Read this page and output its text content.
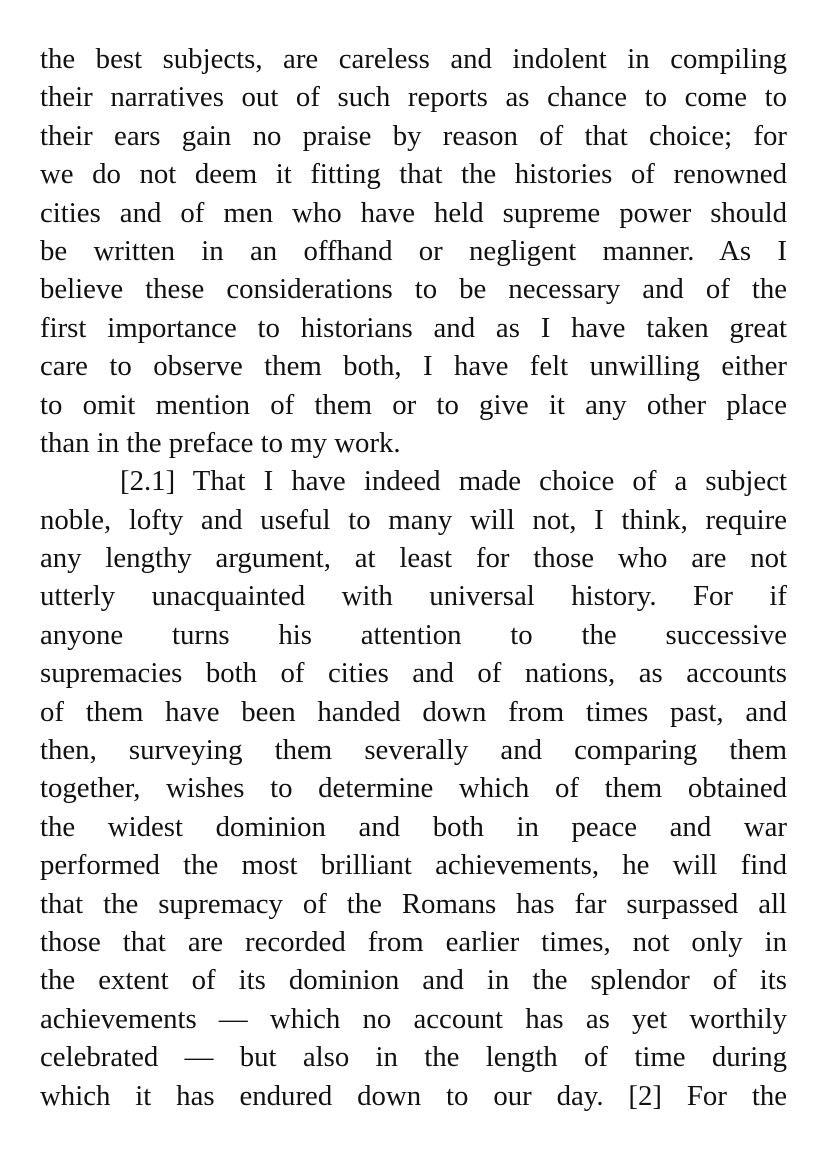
the best subjects, are careless and indolent in compiling
their narratives out of such reports as chance to come to
their ears gain no praise by reason of that choice; for
we do not deem it fitting that the histories of renowned
cities and of men who have held supreme power should
be written in an offhand or negligent manner. As I
believe these considerations to be necessary and of the
first importance to historians and as I have taken great
care to observe them both, I have felt unwilling either
to omit mention of them or to give it any other place
than in the preface to my work.
[2.1] That I have indeed made choice of a subject
noble, lofty and useful to many will not, I think, require
any lengthy argument, at least for those who are not
utterly unacquainted with universal history. For if
anyone turns his attention to the successive
supremacies both of cities and of nations, as accounts
of them have been handed down from times past, and
then, surveying them severally and comparing them
together, wishes to determine which of them obtained
the widest dominion and both in peace and war
performed the most brilliant achievements, he will find
that the supremacy of the Romans has far surpassed all
those that are recorded from earlier times, not only in
the extent of its dominion and in the splendor of its
achievements — which no account has as yet worthily
celebrated — but also in the length of time during
which it has endured down to our day. [2] For the
